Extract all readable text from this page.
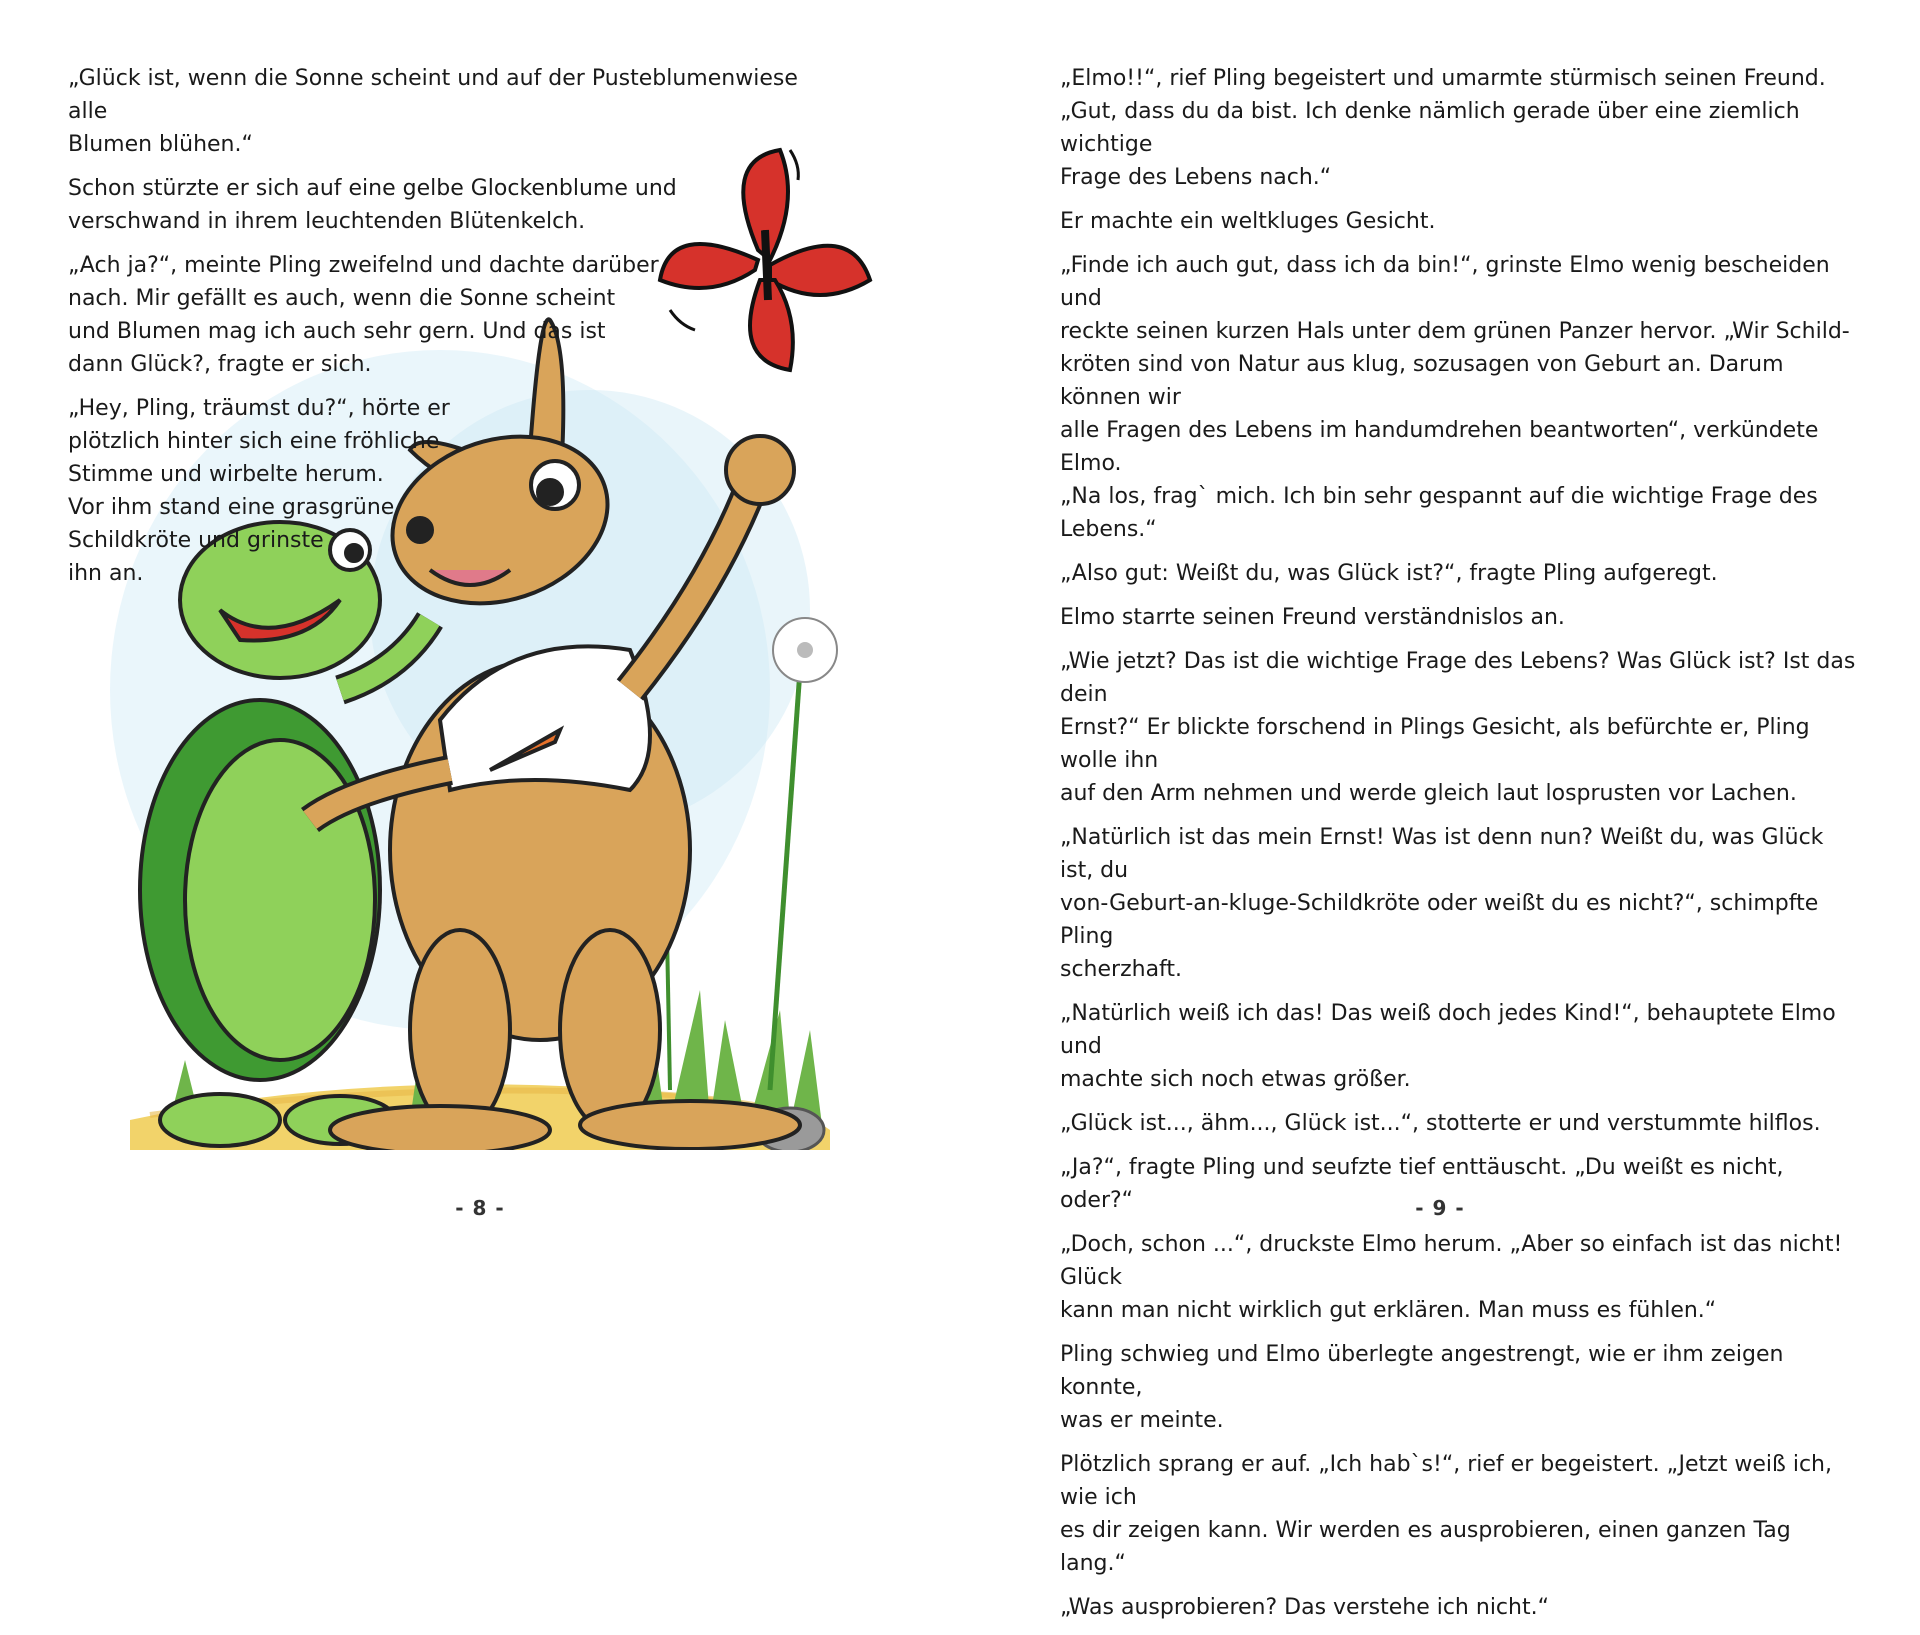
„Glück ist, wenn die Sonne scheint und auf der Pusteblumenwiese alle
Blumen blühen.“

Schon stürzte er sich auf eine gelbe Glockenblume und
verschwand in ihrem leuchtenden Blütenkelch.

„Ach ja?“, meinte Pling zweifelnd und dachte darüber
nach. Mir gefällt es auch, wenn die Sonne scheint
und Blumen mag ich auch sehr gern. Und das ist
dann Glück?, fragte er sich.

„Hey, Pling, träumst du?“, hörte er
plötzlich hinter sich eine fröhliche
Stimme und wirbelte herum.
Vor ihm stand eine grasgrüne
Schildkröte und grinste
ihn an.

- 8 -

„Elmo!!“, rief Pling begeistert und umarmte stürmisch seinen Freund.
„Gut, dass du da bist. Ich denke nämlich gerade über eine ziemlich wichtige
Frage des Lebens nach.“

Er machte ein weltkluges Gesicht.

„Finde ich auch gut, dass ich da bin!“, grinste Elmo wenig bescheiden und
reckte seinen kurzen Hals unter dem grünen Panzer hervor. „Wir Schild-
kröten sind von Natur aus klug, sozusagen von Geburt an. Darum können wir
alle Fragen des Lebens im handumdrehen beantworten“, verkündete Elmo.
„Na los, frag` mich. Ich bin sehr gespannt auf die wichtige Frage des Lebens.“

„Also gut: Weißt du, was Glück ist?“, fragte Pling aufgeregt.

Elmo starrte seinen Freund verständnislos an.

„Wie jetzt? Das ist die wichtige Frage des Lebens? Was Glück ist? Ist das dein
Ernst?“ Er blickte forschend in Plings Gesicht, als befürchte er, Pling wolle ihn
auf den Arm nehmen und werde gleich laut losprusten vor Lachen.

„Natürlich ist das mein Ernst! Was ist denn nun? Weißt du, was Glück ist, du
von-Geburt-an-kluge-Schildkröte oder weißt du es nicht?“, schimpfte Pling
scherzhaft.

„Natürlich weiß ich das! Das weiß doch jedes Kind!“, behauptete Elmo und
machte sich noch etwas größer.

„Glück ist..., ähm..., Glück ist...“, stotterte er und verstummte hilflos.

„Ja?“, fragte Pling und seufzte tief enttäuscht. „Du weißt es nicht, oder?“

„Doch, schon ...“, druckste Elmo herum. „Aber so einfach ist das nicht! Glück
kann man nicht wirklich gut erklären. Man muss es fühlen.“

Pling schwieg und Elmo überlegte angestrengt, wie er ihm zeigen konnte,
was er meinte.

Plötzlich sprang er auf. „Ich hab`s!“, rief er begeistert. „Jetzt weiß ich, wie ich
es dir zeigen kann. Wir werden es ausprobieren, einen ganzen Tag lang.“

„Was ausprobieren? Das verstehe ich nicht.“

- 9 -
